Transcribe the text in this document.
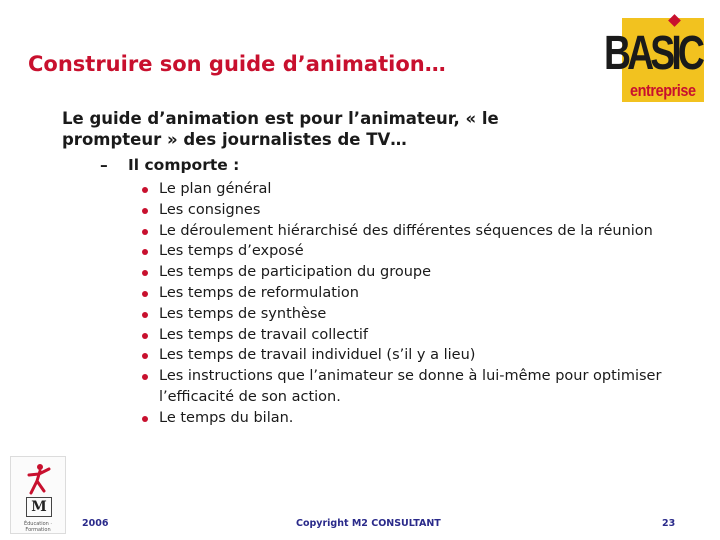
Construire son guide d’animation…	BASIC
entreprise
Le guide d’animation est pour l’animateur, « le
prompteur » des journalistes de TV…
– Il comporte :
Le plan général
Les consignes
Le déroulement hiérarchisé des différentes séquences de la réunion
Les temps d’exposé
Les temps de participation du groupe
Les temps de reformulation
Les temps de synthèse
Les temps de travail collectif
Les temps de travail individuel (s’il y a lieu)
Les instructions que l’animateur se donne à lui-même pour optimiser l’efficacité de son action.
Le temps du bilan.
M
Éducation · Formation
2006	Copyright M2 CONSULTANT	23
